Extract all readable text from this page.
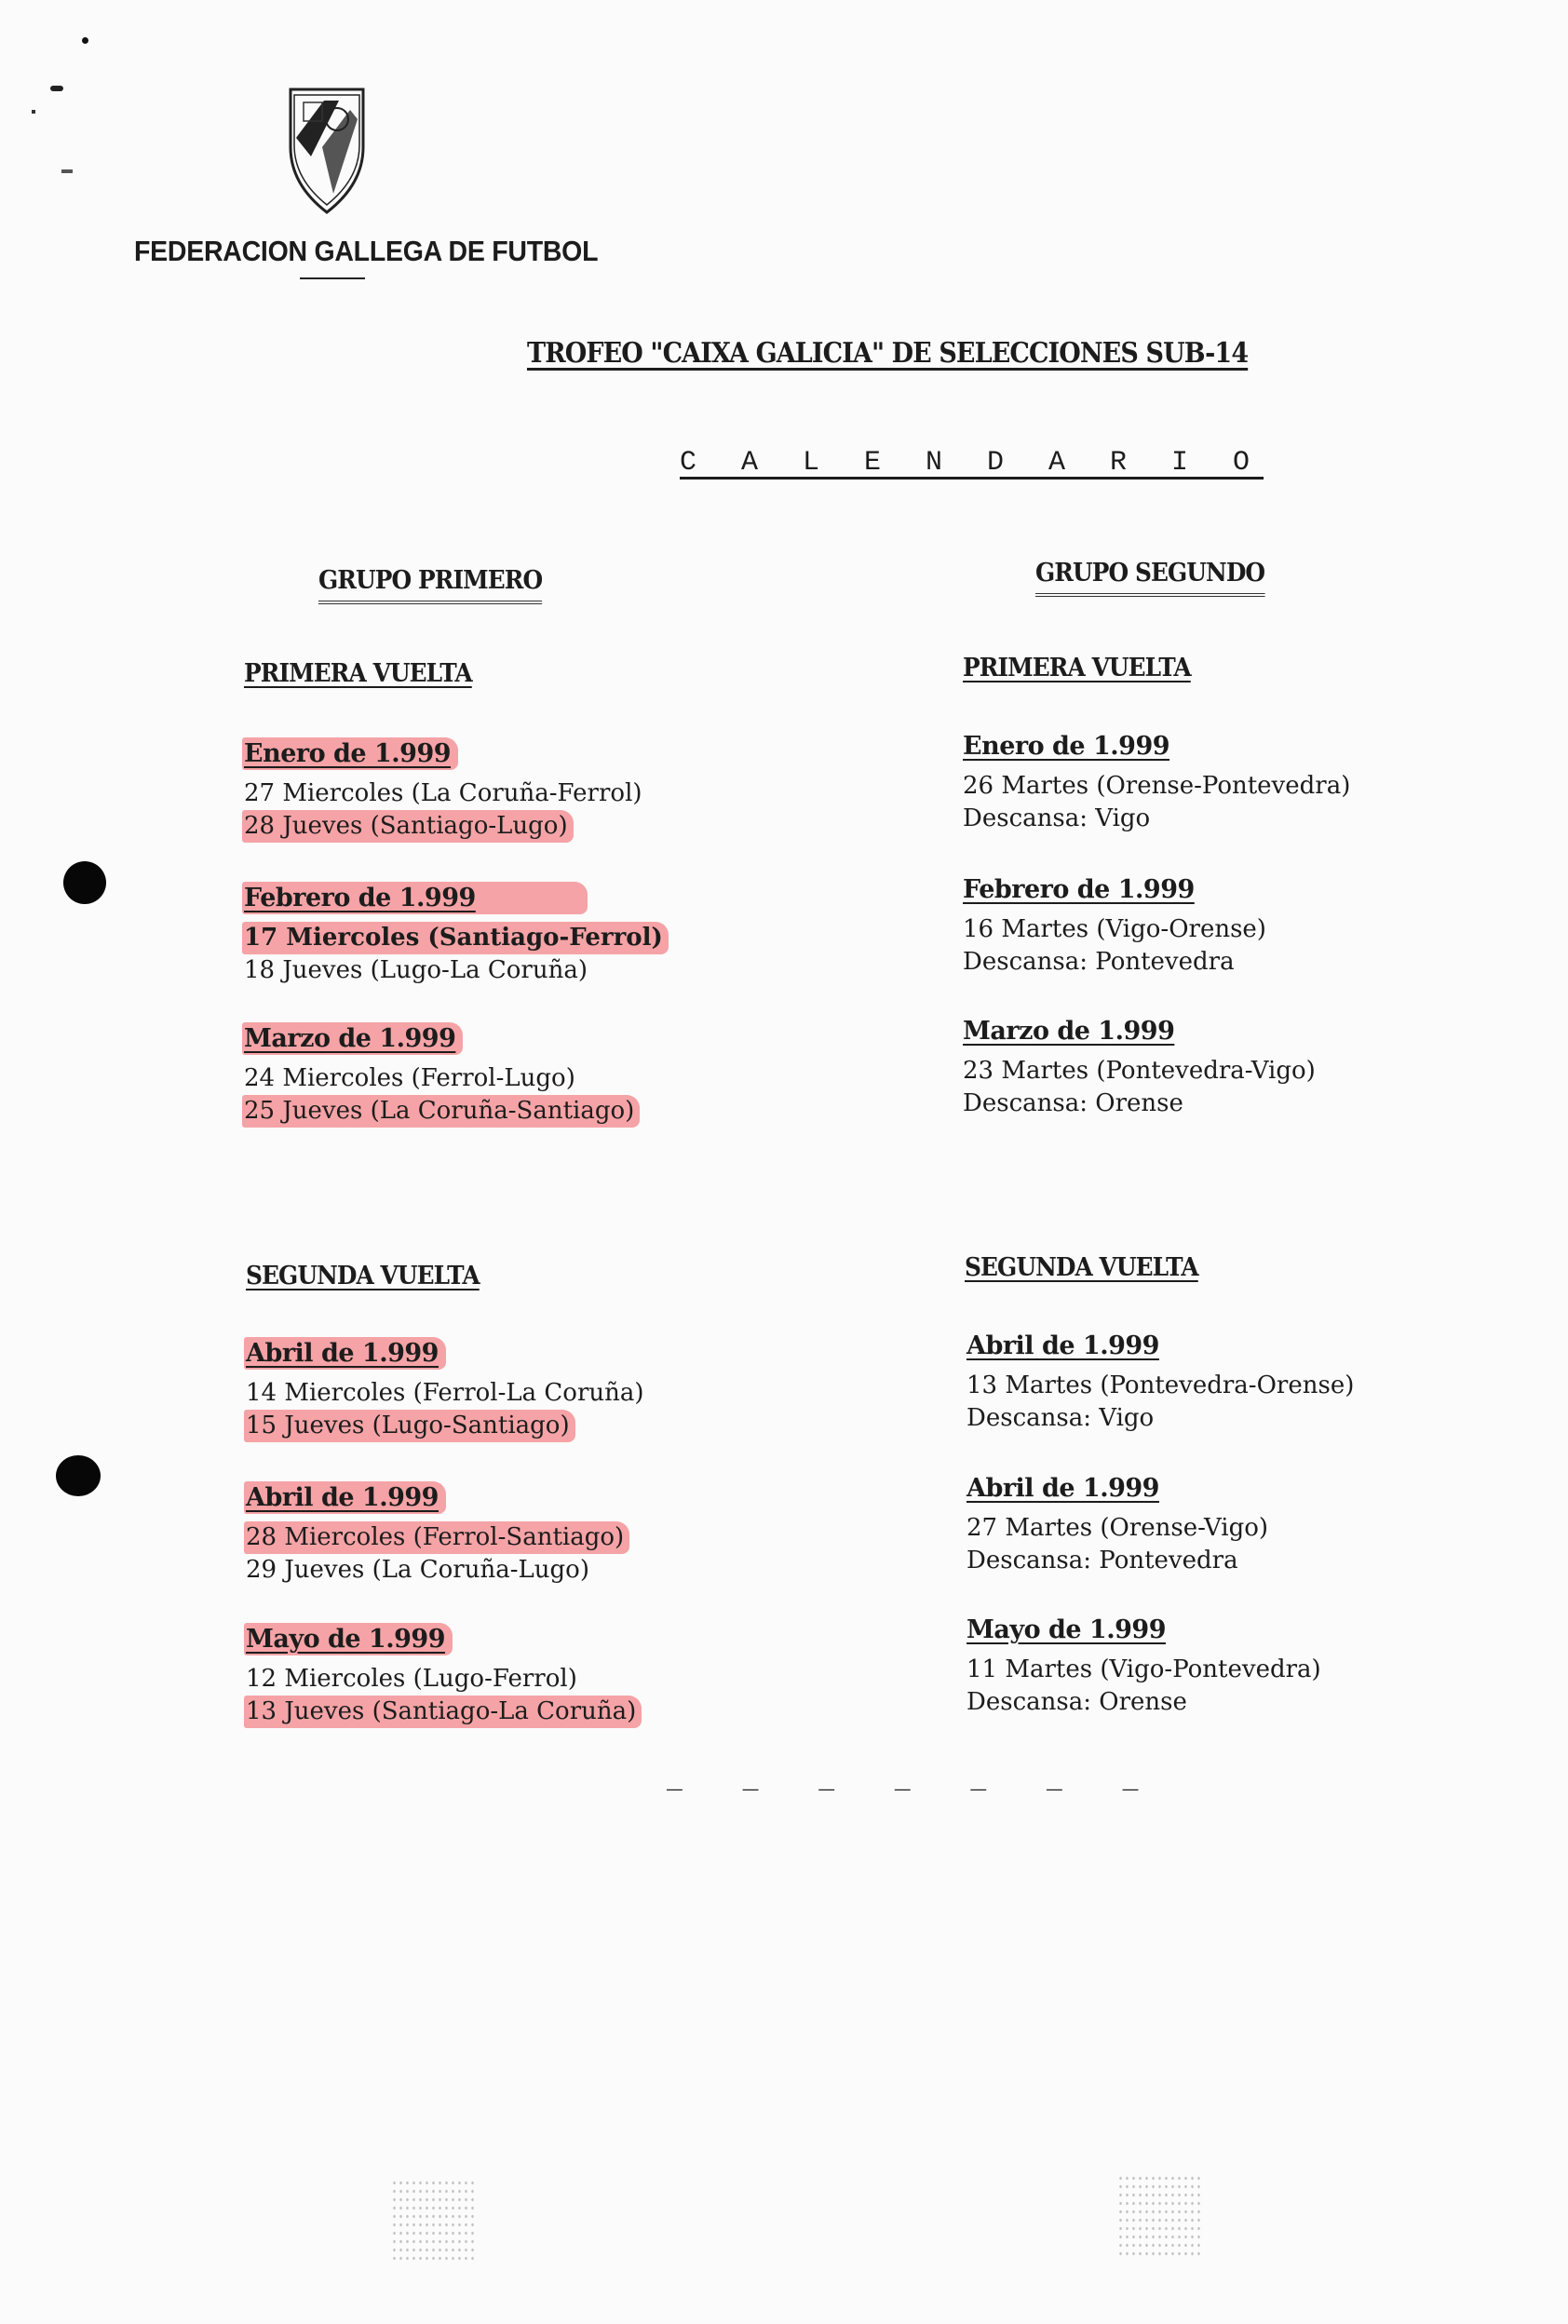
FEDERACION GALLEGA DE FUTBOL
TROFEO "CAIXA GALICIA" DE SELECCIONES SUB-14
C A L E N D A R I O
GRUPO PRIMERO
PRIMERA VUELTA
Enero de 1.999
27 Miercoles (La Coruña-Ferrol)
28 Jueves (Santiago-Lugo)
Febrero de 1.999
17 Miercoles (Santiago-Ferrol)
18 Jueves (Lugo-La Coruña)
Marzo de 1.999
24 Miercoles (Ferrol-Lugo)
25 Jueves (La Coruña-Santiago)
SEGUNDA VUELTA
Abril de 1.999
14 Miercoles (Ferrol-La Coruña)
15 Jueves (Lugo-Santiago)
Abril de 1.999
28 Miercoles (Ferrol-Santiago)
29 Jueves (La Coruña-Lugo)
Mayo de 1.999
12 Miercoles (Lugo-Ferrol)
13 Jueves (Santiago-La Coruña)
GRUPO SEGUNDO
PRIMERA VUELTA
Enero de 1.999
26 Martes (Orense-Pontevedra)
Descansa: Vigo
Febrero de 1.999
16 Martes (Vigo-Orense)
Descansa: Pontevedra
Marzo de 1.999
23 Martes (Pontevedra-Vigo)
Descansa: Orense
SEGUNDA VUELTA
Abril de 1.999
13 Martes (Pontevedra-Orense)
Descansa: Vigo
Abril de 1.999
27 Martes (Orense-Vigo)
Descansa: Pontevedra
Mayo de 1.999
11 Martes (Vigo-Pontevedra)
Descansa: Orense
_ _ _ _ _ _ _
